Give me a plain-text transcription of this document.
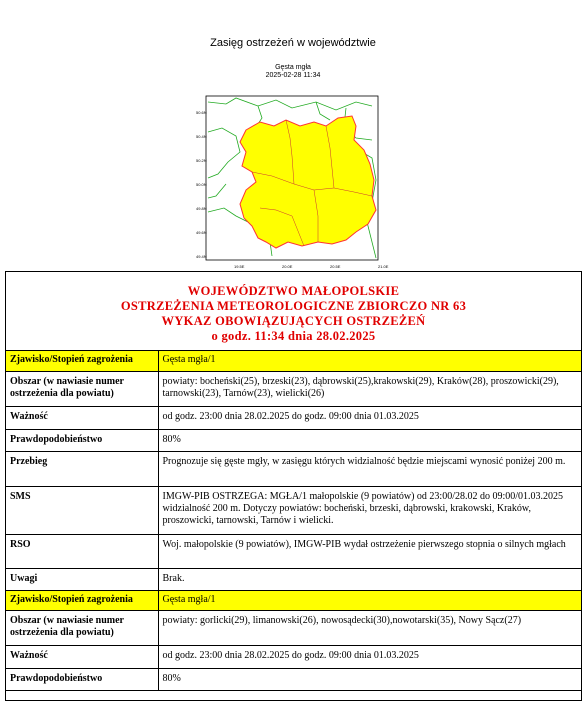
Zasięg ostrzeżeń w województwie
Gęsta mgła
2025-02-28 11:34
50.6N
50.4N
50.2N
50.0N
49.8N
49.6N
49.4N
19.5E	20.0E	20.5E	21.0E
WOJEWÓDZTWO MAŁOPOLSKIE
OSTRZEŻENIA METEOROLOGICZNE ZBIORCZO NR 63
WYKAZ OBOWIĄZUJĄCYCH OSTRZEŻEŃ
o godz. 11:34 dnia 28.02.2025
Zjawisko/Stopień zagrożenia	Gęsta mgła/1
Obszar (w nawiasie numer ostrzeżenia dla powiatu)	powiaty: bocheński(25), brzeski(23), dąbrowski(25),krakowski(29), Kraków(28), proszowicki(29), tarnowski(23), Tarnów(23), wielicki(26)
Ważność	od godz. 23:00 dnia 28.02.2025 do godz. 09:00 dnia 01.03.2025
Prawdopodobieństwo	80%
Przebieg	Prognozuje się gęste mgły, w zasięgu których widzialność będzie miejscami wynosić poniżej 200 m.
SMS	IMGW-PIB OSTRZEGA: MGŁA/1 małopolskie (9 powiatów) od 23:00/28.02 do 09:00/01.03.2025 widzialność 200 m. Dotyczy powiatów: bocheński, brzeski, dąbrowski, krakowski, Kraków, proszowicki, tarnowski, Tarnów i wielicki.
RSO	Woj. małopolskie (9 powiatów), IMGW-PIB wydał ostrzeżenie pierwszego stopnia o silnych mgłach
Uwagi	Brak.
Zjawisko/Stopień zagrożenia	Gęsta mgła/1
Obszar (w nawiasie numer ostrzeżenia dla powiatu)	powiaty: gorlicki(29), limanowski(26), nowosądecki(30),nowotarski(35), Nowy Sącz(27)
Ważność	od godz. 23:00 dnia 28.02.2025 do godz. 09:00 dnia 01.03.2025
Prawdopodobieństwo	80%
